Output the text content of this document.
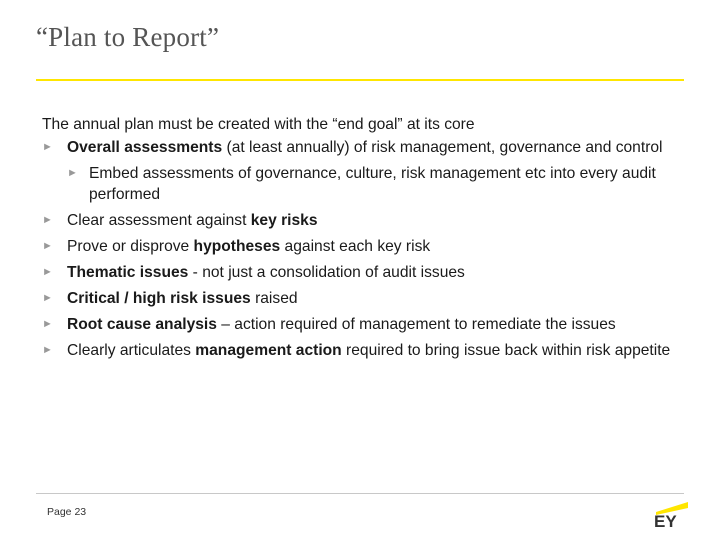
“Plan to Report”

The annual plan must be created with the “end goal” at its core

► Overall assessments (at least annually) of risk management, governance and control
► Embed assessments of governance, culture, risk management etc into every audit performed
► Clear assessment against key risks
► Prove or disprove hypotheses against each key risk
► Thematic issues - not just a consolidation of audit issues
► Critical / high risk issues raised
► Root cause analysis – action required of management to remediate the issues
► Clearly articulates management action required to bring issue back within risk appetite
Page 23	EY
